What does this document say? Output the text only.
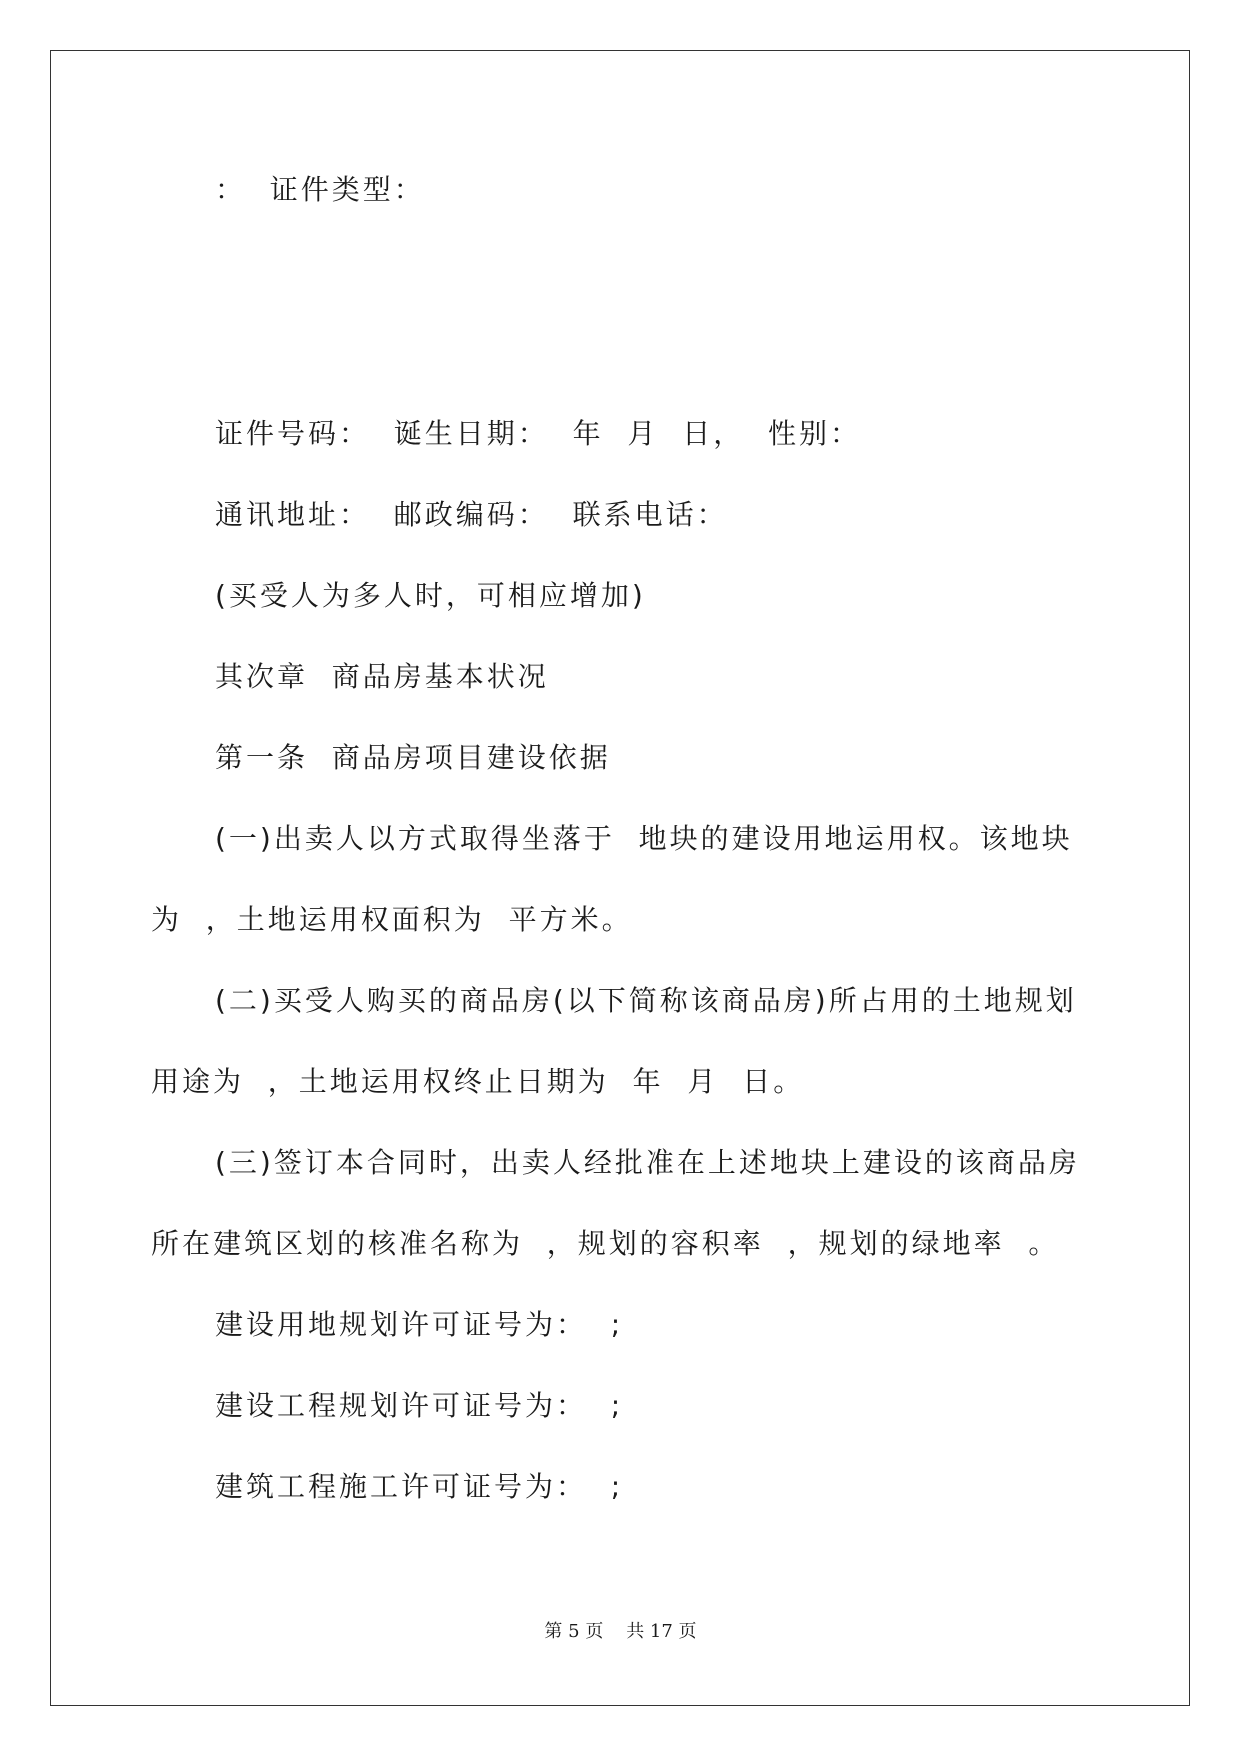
：  证件类型：
证件号码：  诞生日期：  年  月  日，  性别：
通讯地址：  邮政编码：  联系电话：
(买受人为多人时，可相应增加)
其次章  商品房基本状况
第一条  商品房项目建设依据
(一)出卖人以方式取得坐落于  地块的建设用地运用权。该地块
为  ，土地运用权面积为  平方米。
(二)买受人购买的商品房(以下简称该商品房)所占用的土地规划
用途为  ，土地运用权终止日期为  年  月  日。
(三)签订本合同时，出卖人经批准在上述地块上建设的该商品房
所在建筑区划的核准名称为  ，规划的容积率  ，规划的绿地率  。
建设用地规划许可证号为：  ;
建设工程规划许可证号为：  ;
建筑工程施工许可证号为：  ;
第 5 页    共 17 页
